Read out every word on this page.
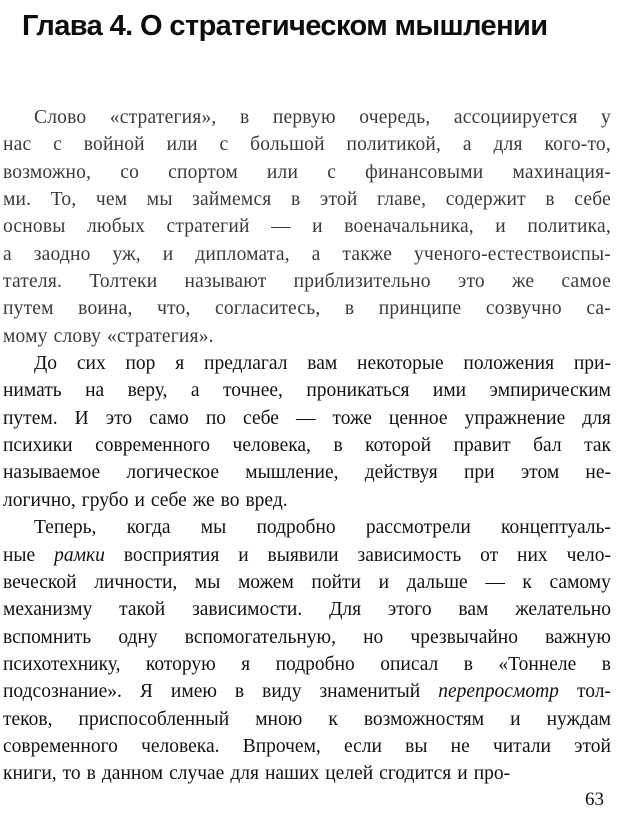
Глава 4. О стратегическом мышлении
Слово «стратегия», в первую очередь, ассоциируется у
нас с войной или с большой политикой, а для кого-то,
возможно, со спортом или с финансовыми махинация-
ми. То, чем мы займемся в этой главе, содержит в себе
основы любых стратегий — и военачальника, и политика,
а заодно уж, и дипломата, а также ученого-естествоиспы-
тателя. Толтеки называют приблизительно это же самое
путем воина, что, согласитесь, в принципе созвучно са-
мому слову «стратегия».
До сих пор я предлагал вам некоторые положения при-
нимать на веру, а точнее, проникаться ими эмпирическим
путем. И это само по себе — тоже ценное упражнение для
психики современного человека, в которой правит бал так
называемое логическое мышление, действуя при этом не-
логично, грубо и себе же во вред.
Теперь, когда мы подробно рассмотрели концептуаль-
ные рамки восприятия и выявили зависимость от них чело-
веческой личности, мы можем пойти и дальше — к самому
механизму такой зависимости. Для этого вам желательно
вспомнить одну вспомогательную, но чрезвычайно важную
психотехнику, которую я подробно описал в «Тоннеле в
подсознание». Я имею в виду знаменитый перепросмотр тол-
теков, приспособленный мною к возможностям и нуждам
современного человека. Впрочем, если вы не читали этой
книги, то в данном случае для наших целей сгодится и про-
63
